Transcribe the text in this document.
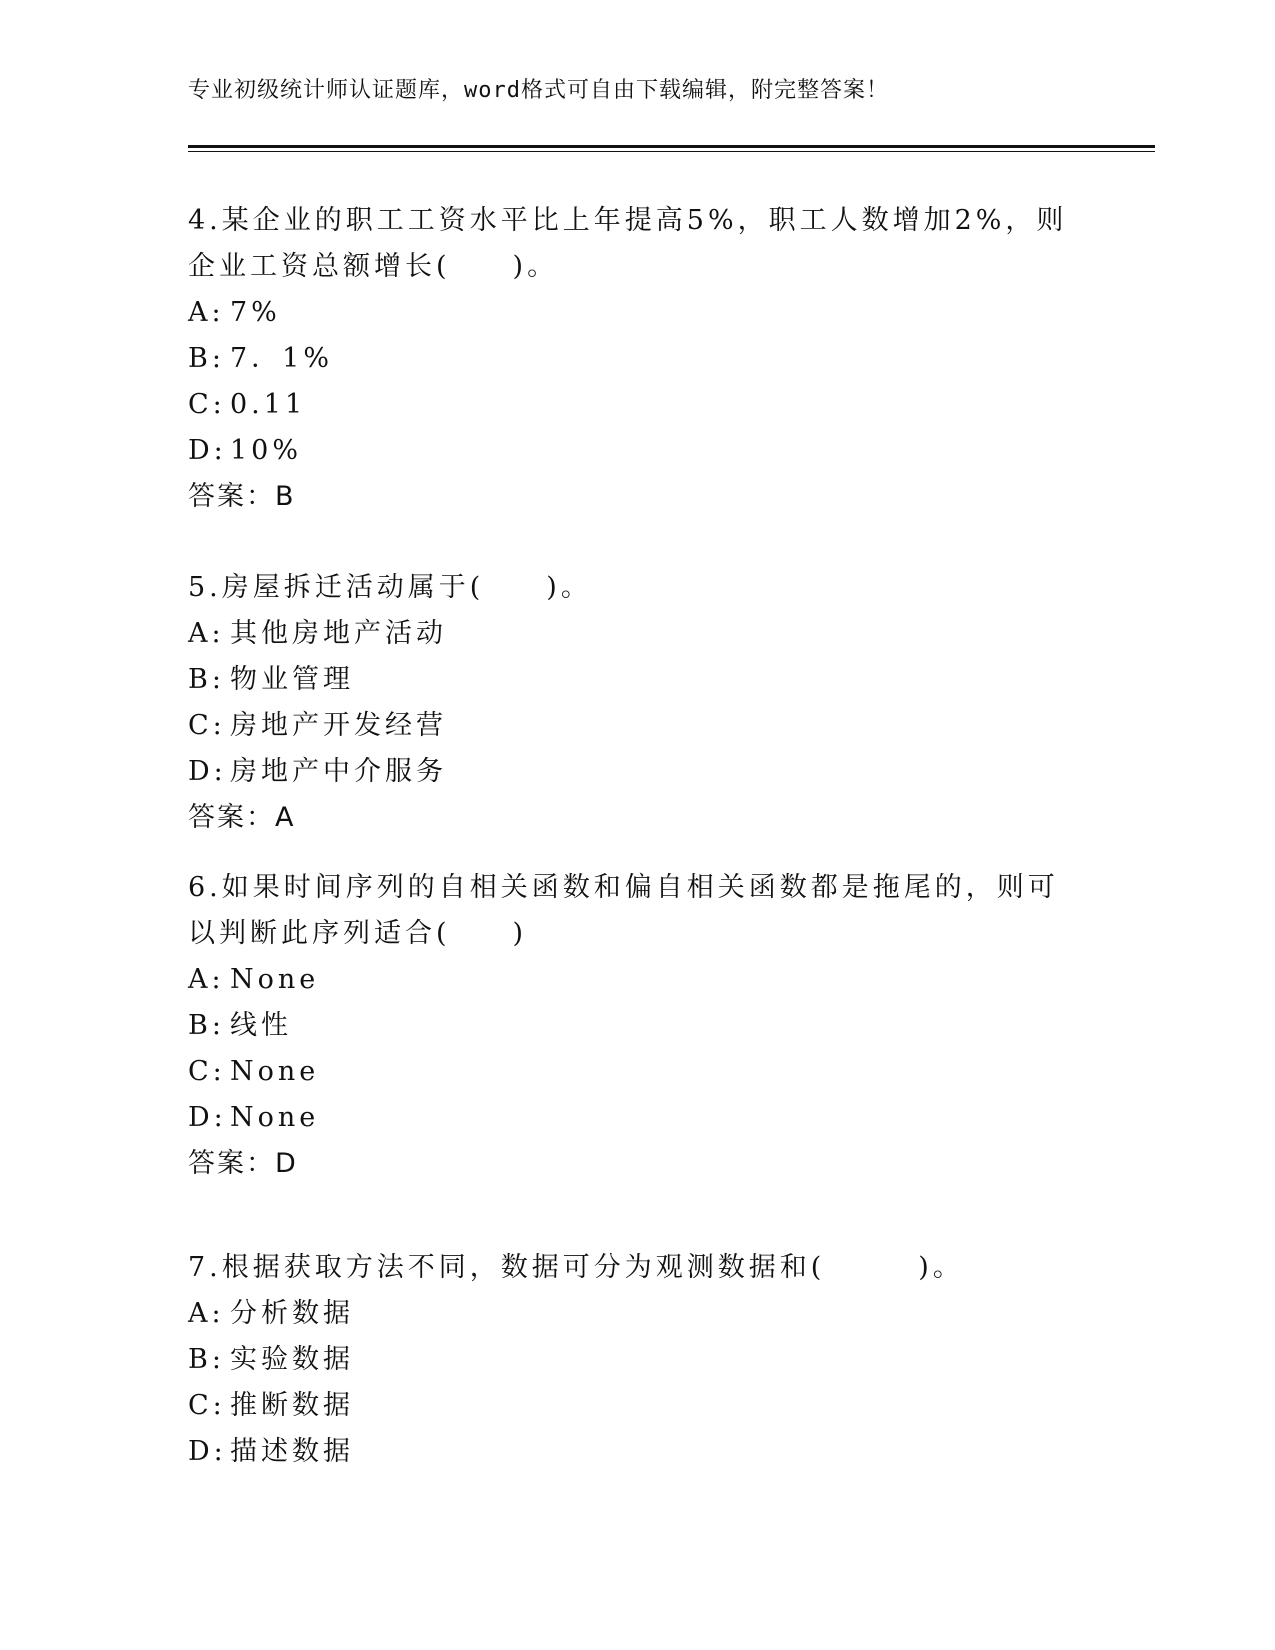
专业初级统计师认证题库，word格式可自由下载编辑，附完整答案！

4.某企业的职工工资水平比上年提高5%，职工人数增加2%，则企业工资总额增长(　　)。

A: 7%
B: 7．1%
C: 0.11
D: 10%
答案：B

5.房屋拆迁活动属于(　　)。

A: 其他房地产活动
B: 物业管理
C: 房地产开发经营
D: 房地产中介服务
答案：A

6.如果时间序列的自相关函数和偏自相关函数都是拖尾的，则可以判断此序列适合(　　)

A: None
B: 线性
C: None
D: None
答案：D

7.根据获取方法不同，数据可分为观测数据和(　　　)。

A: 分析数据
B: 实验数据
C: 推断数据
D: 描述数据
